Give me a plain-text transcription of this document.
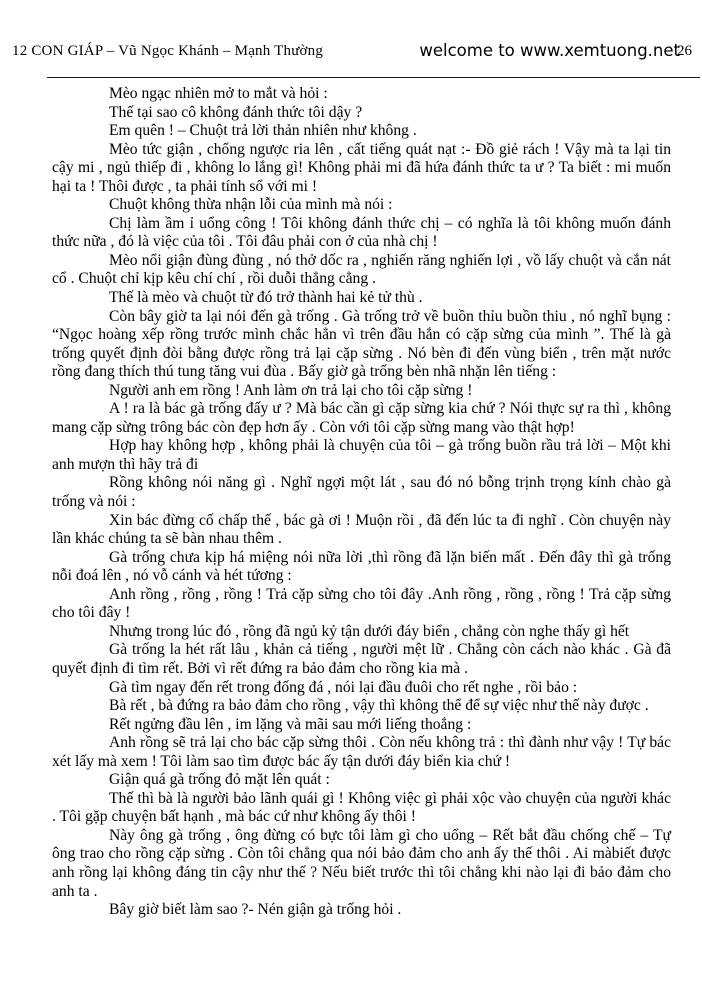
12 CON GIÁP – Vũ Ngọc Khánh – Mạnh Thường	welcome to www.xemtuong.net
26

Mèo ngạc nhiên mở to mắt và hỏi :

Thế tại sao cô không đánh thức tôi dậy ?

Em quên ! – Chuột trả lời thản nhiên như không .

Mèo tức giận , chổng ngược ria lên , cất tiếng quát nạt :- Đồ giẻ rách ! Vậy mà ta lại tin cậy mi , ngủ thiếp đi , không lo lắng gì! Không phải mi đã hứa đánh thức ta ư ? Ta biết : mi muốn hại ta ! Thôi được , ta phải tính sổ với mi !

Chuột không thừa nhận lỗi của mình mà nói :

Chị làm ầm ỉ uổng công ! Tôi không đánh thức chị – có nghĩa là tôi không muốn đánh thức nữa , đó là việc của tôi . Tôi đâu phải con ở của nhà chị !

Mèo nổi giận đùng đùng , nó thở dốc ra , nghiến răng nghiến lợi , vồ lấy chuột và cắn nát cổ . Chuột chỉ kịp kêu chí chí , rồi duỗi thẳng cẳng .

Thế là mèo và chuột từ đó trở thành hai kẻ tử thù .

Còn bây giờ ta lại nói đến gà trống . Gà trống trở về buồn thỉu buồn thiu , nó nghĩ bụng : “Ngọc hoàng xếp rồng trước mình chắc hẳn vì trên đầu hắn có cặp sừng của mình ”. Thế là gà trống quyết định đòi bằng được rồng trả lại cặp sừng . Nó bèn đi đến vùng biển , trên mặt nước rồng đang thích thú tung tăng vui đùa . Bấy giờ gà trống bèn nhã nhặn lên tiếng :

Người anh em rồng ! Anh làm ơn trả lại cho tôi cặp sừng !

A ! ra là bác gà trống đấy ư ? Mà bác cần gì cặp sừng kia chứ ? Nói thực sự ra thì , không mang cặp sừng trông bác còn đẹp hơn ấy . Còn với tôi cặp sừng mang vào thật hợp!

Hợp hay không hợp , không phải là chuyện của tôi – gà trống buồn rầu trả lời – Một khi anh mượn thì hãy trả đi

Rồng không nói năng gì . Nghĩ ngợi một lát , sau đó nó bỗng trịnh trọng kính chào gà trống và nói :

Xin bác đừng cố chấp thế , bác gà ơi ! Muộn rồi , đã đến lúc ta đi nghĩ . Còn chuyện này lần khác chúng ta sẽ bàn nhau thêm .

Gà trống chưa kịp há miệng nói nữa lời ,thì rồng đã lặn biến mất . Đến đây thì gà trống nỗi đoá lên , nó vỗ cánh và hét tứơng :

Anh rồng , rồng , rồng ! Trả cặp sừng cho tôi đây .Anh rồng , rồng , rồng ! Trả cặp sừng cho tôi đây !

Nhưng trong lúc đó , rồng đã ngủ kỷ tận dưới đáy biển , chẳng còn nghe thấy gì hết

Gà trống la hét rất lâu , khản cả tiếng , người mệt lữ . Chẳng còn cách nào khác . Gà đã quyết định đi tìm rết. Bởi vì rết đứng ra bảo đảm cho rồng kia mà .

Gà tìm ngay đến rết trong đống đá , nói lại đầu đuôi cho rết nghe , rồi bảo :

Bà rết , bà đứng ra bảo đảm cho rồng , vậy thì không thể để sự việc như thế này được .

Rết ngửng đầu lên , im lặng và mãi sau mới liếng thoắng :

Anh rồng sẽ trả lại cho bác cặp sừng thôi . Còn nếu không trả : thì đành như vậy ! Tự bác xét lấy mà xem ! Tôi làm sao tìm được bác ấy tận dưới đáy biển kia chứ !

Giận quá gà trống đỏ mặt lên quát :

Thế thì bà là người bảo lãnh quái gì ! Không việc gì phải xộc vào chuyện của người khác . Tôi gặp chuyện bất hạnh , mà bác cứ như không ấy thôi !

Này ông gà trống , ông đừng có bực tôi làm gì cho uổng – Rết bắt đầu chống chế – Tự ông trao cho rồng cặp sừng . Còn tôi chẳng qua nói bảo đảm cho anh ấy thế thôi . Ai màbiết được anh rồng lại không đáng tin cậy như thế ? Nếu biết trước thì tôi chẳng khi nào lại đi bảo đảm cho anh ta .

Bây giờ biết làm sao ?- Nén giận gà trống hỏi .
